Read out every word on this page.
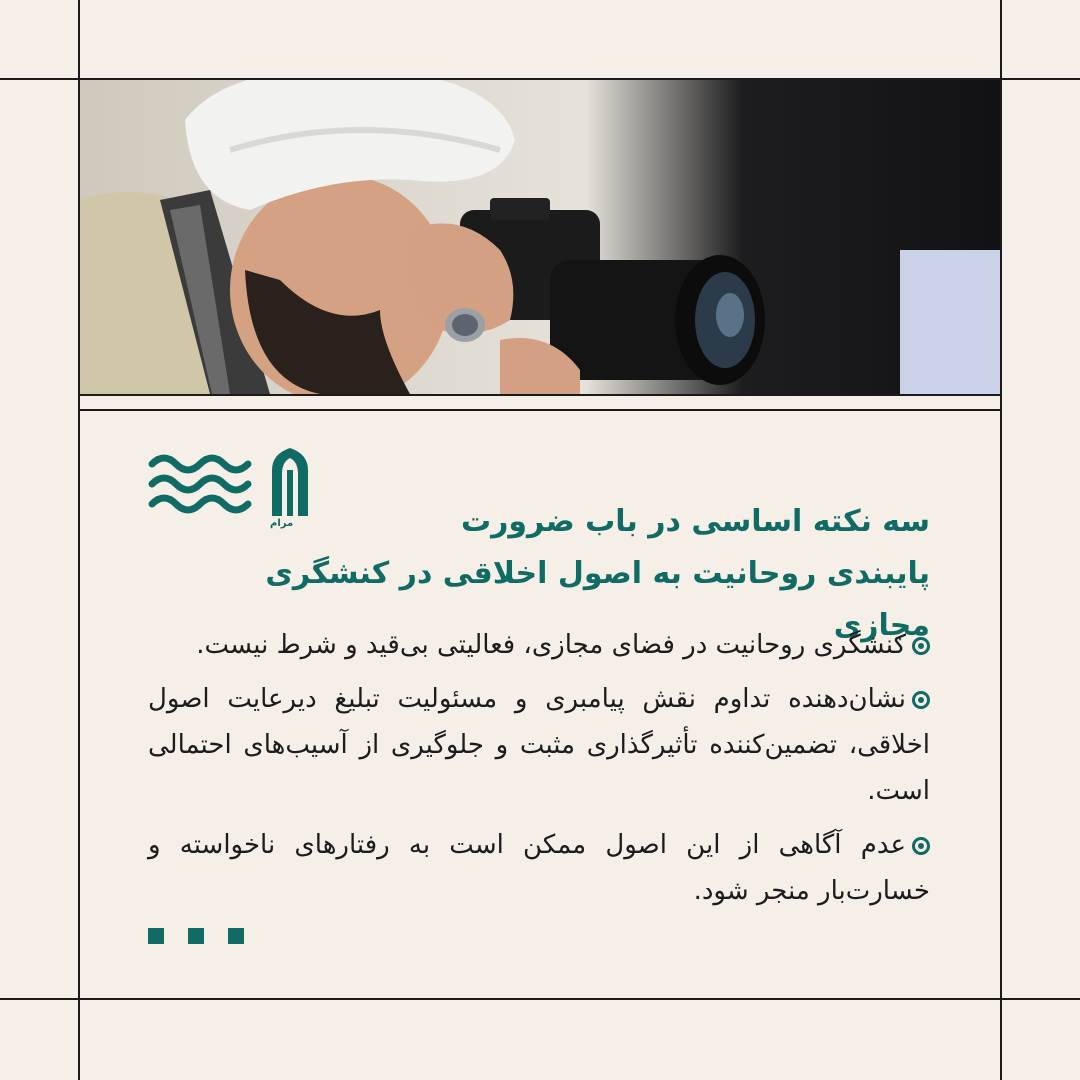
مرام	سه نکته اساسی در باب ضرورت
پایبندی روحانیت به اصول اخلاقی در کنشگری مجازی
کنشگری روحانیت در فضای مجازی، فعالیتی بی‌قید و شرط نیست.
نشان‌دهنده تداوم نقش پیامبری و مسئولیت تبلیغ دیرعایت اصول اخلاقی، تضمین‌کننده تأثیرگذاری مثبت و جلوگیری از آسیب‌های احتمالی است.
عدم آگاهی از این اصول ممکن است به رفتارهای ناخواسته و خسارت‌بار منجر شود.
